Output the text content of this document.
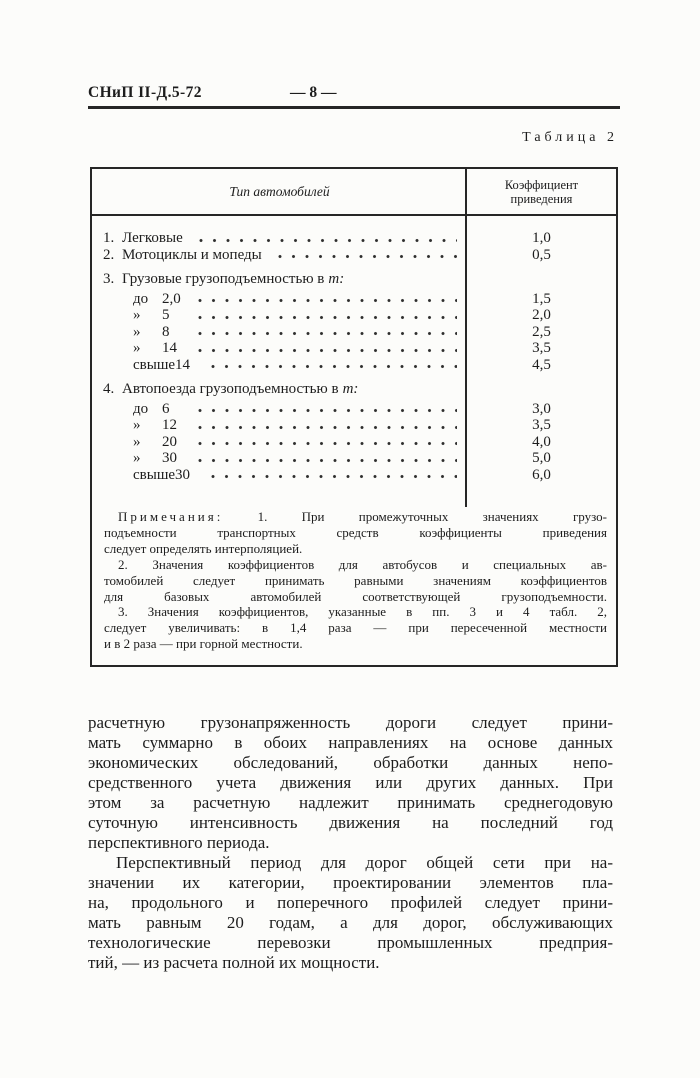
СНиП II-Д.5-72	— 8 —
Таблица 2
Тип автомобилей	Коэффициент
приведения
1. Легковые	1,0
2. Мотоциклы и мопеды	0,5
3. Грузовые грузоподъемностью в т:
до 2,0	1,5
»	5	2,0
»	8	2,5
»	14	3,5
свыше 14	4,5
4. Автопоезда грузоподъемностью в т:
до 6	3,0
»	12	3,5
»	20	4,0
»	30	5,0
свыше 30	6,0
Примечания:	1. При промежуточных значениях грузо-
подъемности транспортных средств коэффициенты приведения
следует определять интерполяцией.
2. Значения коэффициентов для автобусов и специальных ав-
томобилей следует принимать равными значениям коэффициентов
для базовых автомобилей соответствующей грузоподъемности.
3. Значения коэффициентов, указанные в пп. 3 и 4 табл. 2,
следует увеличивать: в 1,4 раза — при пересеченной местности
и в 2 раза — при горной местности.
расчетную грузонапряженность дороги следует прини-
мать суммарно в обоих направлениях на основе данных
экономических обследований, обработки данных непо-
средственного учета движения или других данных. При
этом за расчетную надлежит принимать среднегодовую
суточную интенсивность движения на последний год
перспективного периода.
Перспективный период для дорог общей сети при на-
значении их категории, проектировании элементов пла-
на, продольного и поперечного профилей следует прини-
мать равным 20 годам, а для дорог, обслуживающих
технологические перевозки промышленных предприя-
тий, — из расчета полной их мощности.
